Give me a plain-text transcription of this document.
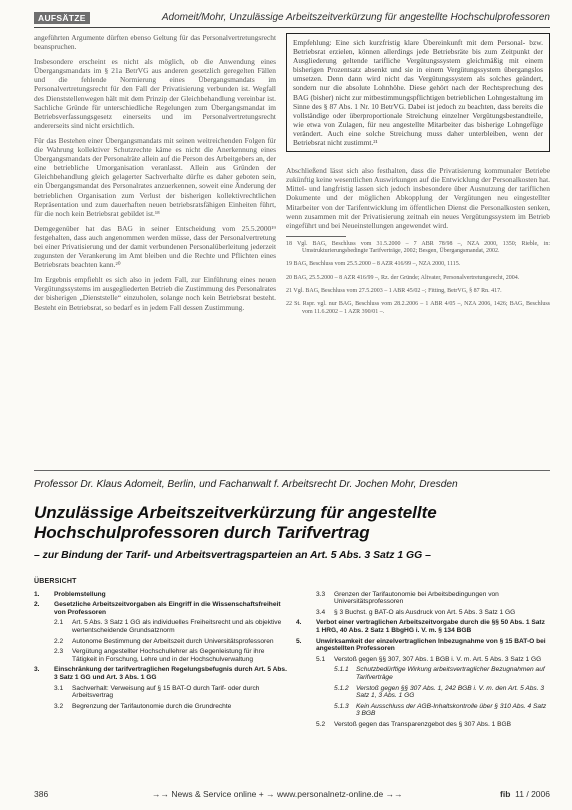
AUFSÄTZE	Adomeit/Mohr, Unzulässige Arbeitszeitverkürzung für angestellte Hochschulprofessoren

angeführten Argumente dürften ebenso Geltung für das Personalvertretungsrecht beanspruchen.

Insbesondere erscheint es nicht als möglich, ob die Anwendung eines Übergangsmandats im § 21a BetrVG aus anderen gesetzlich geregelten Fällen und die fehlende Normierung eines Übergangsmandats im Personalvertretungsrecht für den Fall der Privatisierung verbunden ist. Wegfall des Dienststellenwegen hält mit dem Prinzip der Gleichbehandlung vereinbar ist. Sachliche Gründe für unterschiedliche Regelungen zum Übergangsmandat im Betriebsverfassungsgesetz einerseits und im Personalvertretungsrecht andererseits sind nicht ersichtlich.

Für das Bestehen einer Übergangsmandats mit seinen weitreichenden Folgen für die Wahrung kollektiver Schutzrechte käme es nicht die Anerkennung eines Übergangsmandats der Personalräte allein auf die Person des Arbeitgebers an, der eine betriebliche Umorganisation veranlasst. Allein aus Gründen der Gleichbehandlung gleich gelagerter Sachverhalte dürfte es daher geboten sein, ein Übergangsmandat des Personalrates anzuerkennen, soweit eine Änderung der betrieblichen Organisation zum Verlust der bisherigen kollektivrechtlichen Repräsentation und zum dauerhaften neuen betriebsratsfähigen Einheiten führt, für die noch kein Betriebsrat gebildet ist.¹⁸

Demgegenüber hat das BAG in seiner Entscheidung vom 25.5.2000¹⁹ festgehalten, dass auch angenommen werden müsse, dass der Personalvertretung bei einer Privatisierung und der damit verbundenen Personalüberleitung jederzeit zugunsten der Verankerung im Amt bleiben und die Rechte und Pflichten eines Betriebsrats beachten kann.²⁰

Im Ergebnis empfiehlt es sich also in jedem Fall, zur Einführung eines neuen Vergütungssystems im ausgegliederten Betrieb die Zustimmung des Personalrates der bisherigen „Dienststelle“ einzuholen, solange noch kein Betriebsrat besteht. Besteht ein Betriebsrat, so bedarf es in jedem Fall dessen Zustimmung.

Empfehlung: Eine sich kurzfristig klare Übereinkunft mit dem Personal- bzw. Betriebsrat erzielen, können allerdings jede Betriebsräte bis zum Zeitpunkt der Ausgliederung geltende tarifliche Vergütungssystem gleichmäßig mit einem bisherigen Prozentsatz absenkt und sie in einem Vergütungssystem übergangslos umsetzen. Denn dann wird nicht das Vergütungssystem als solches geändert, sondern nur die absolute Lohnhöhe. Diese gehört nach der Rechtsprechung des BAG (bisher) nicht zur mitbestimmungspflichtigen betrieblichen Lohngestaltung im Sinne des § 87 Abs. 1 Nr. 10 BetrVG. Dabei ist jedoch zu beachten, dass bereits die vollständige oder überproportionale Streichung einzelner Vergütungsbestandteile, wie etwa von Zulagen, für neu angestellte Mitarbeiter das bisherige Lohngefüge verändert. Auch eine solche Streichung muss daher unterbleiben, wenn der Betriebsrat nicht zustimmt.²¹

Abschließend lässt sich also festhalten, dass die Privatisierung kommunaler Betriebe zukünftig keine wesentlichen Auswirkungen auf die Entwicklung der Personalkosten hat. Mittel- und langfristig lassen sich jedoch insbesondere über Ausnutzung der tariflichen Dokumente und der möglichen Abkopplung der Vergütungen neu eingestellter Mitarbeiter von der Tarifentwicklung im öffentlichen Dienst die Personalkosten senken, wenn zusammen mit der Privatisierung zeitnah ein neues Vergütungssystem im Betrieb eingeführt und bei Neueinstellungen angewendet wird.

18 Vgl. BAG, Beschluss vom 31.5.2000 – 7 ABR 78/98 –, NZA 2000, 1350; Rieble, in: Umstrukturierungsbedingte Tarifverträge, 2002; Besgen, Übergangsmandat, 2002.

19 BAG, Beschluss vom 25.5.2000 – 8 AZR 416/99 –, NZA 2000, 1115.

20 BAG, 25.5.2000 – 8 AZR 416/99 –, Rz. der Gründe; Altvater, Personalvertretungsrecht, 2004.

21 Vgl. BAG, Beschluss vom 27.5.2003 – 1 ABR 45/02 –; Fitting, BetrVG, § 87 Rn. 417.

22 St. Rspr. vgl. nur BAG, Beschluss vom 28.2.2006 – 1 ABR 4/05 –, NZA 2006, 1426; BAG, Beschluss vom 11.6.2002 – 1 AZR 390/01 –.

Professor Dr. Klaus Adomeit, Berlin, und Fachanwalt f. Arbeitsrecht Dr. Jochen Mohr, Dresden
Unzulässige Arbeitszeitverkürzung für angestellte Hochschulprofessoren durch Tarifvertrag
– zur Bindung der Tarif- und Arbeitsvertragsparteien an Art. 5 Abs. 3 Satz 1 GG –
ÜBERSICHT
1.	Problemstellung
2.	Gesetzliche Arbeitszeitvorgaben als Eingriff in die Wissenschaftsfreiheit von Professoren
2.1	Art. 5 Abs. 3 Satz 1 GG als individuelles Freiheitsrecht und als objektive wertentscheidende Grundsatznorm
2.2	Autonome Bestimmung der Arbeitszeit durch Universitätsprofessoren
2.3	Vergütung angestellter Hochschullehrer als Gegenleistung für ihre Tätigkeit in Forschung, Lehre und in der Hochschulverwaltung
3.	Einschränkung der tarifvertraglichen Regelungsbefugnis durch Art. 5 Abs. 3 Satz 1 GG und Art. 3 Abs. 1 GG
3.1	Sachverhalt: Verweisung auf § 15 BAT-O durch Tarif- oder durch Arbeitsvertrag
3.2	Begrenzung der Tarifautonomie durch die Grundrechte
3.3	Grenzen der Tarifautonomie bei Arbeitsbedingungen von Universitätsprofessoren
3.4	§ 3 Buchst. g BAT-O als Ausdruck von Art. 5 Abs. 3 Satz 1 GG
4.	Verbot einer vertraglichen Arbeitszeitvorgabe durch die §§ 50 Abs. 1 Satz 1 HRG, 40 Abs. 2 Satz 1 BbgHG i. V. m. § 134 BGB
5.	Unwirksamkeit der einzelvertraglichen Inbezugnahme von § 15 BAT-O bei angestellten Professoren
5.1	Verstoß gegen §§ 307, 307 Abs. 1 BGB i. V. m. Art. 5 Abs. 3 Satz 1 GG
5.1.1	Schutzbedürftige Wirkung arbeitsvertraglicher Bezugnahmen auf Tarifverträge
5.1.2	Verstoß gegen §§ 307 Abs. 1, 242 BGB i. V. m. den Art. 5 Abs. 3 Satz 1, 3 Abs. 1 GG
5.1.3	Kein Ausschluss der AGB-Inhaltskontrolle über § 310 Abs. 4 Satz 3 BGB
5.2	Verstoß gegen das Transparenzgebot des § 307 Abs. 1 BGB
386	→→ News & Service online + → www.personalnetz-online.de →→	fib 11 / 2006
